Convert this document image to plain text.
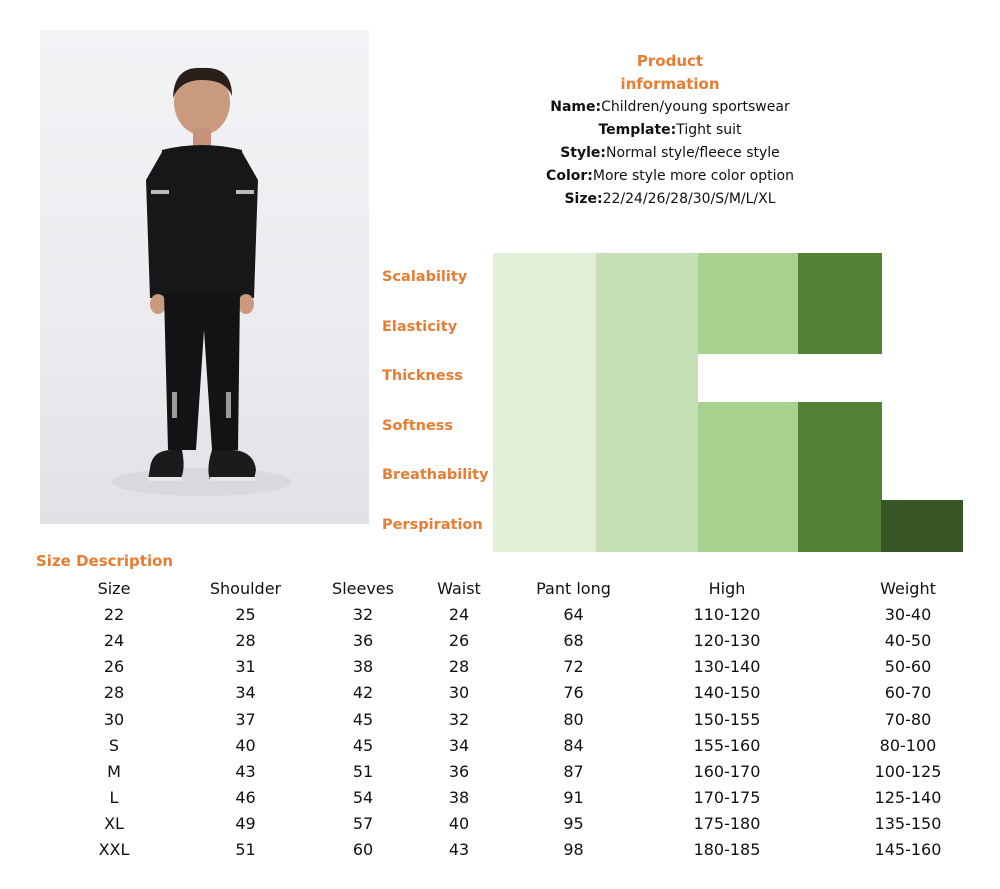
Product
information
Name:Children/young sportswear
Template:Tight suit
Style:Normal style/fleece style
Color:More style more color option
Size:22/24/26/28/30/S/M/L/XL
Scalability
Elasticity
Thickness
Softness
Breathability
Perspiration
Size Description
Size	Shoulder	Sleeves	Waist	Pant long	High	Weight
22	25	32	24	64	110-120	30-40
24	28	36	26	68	120-130	40-50
26	31	38	28	72	130-140	50-60
28	34	42	30	76	140-150	60-70
30	37	45	32	80	150-155	70-80
S	40	45	34	84	155-160	80-100
M	43	51	36	87	160-170	100-125
L	46	54	38	91	170-175	125-140
XL	49	57	40	95	175-180	135-150
XXL	51	60	43	98	180-185	145-160
